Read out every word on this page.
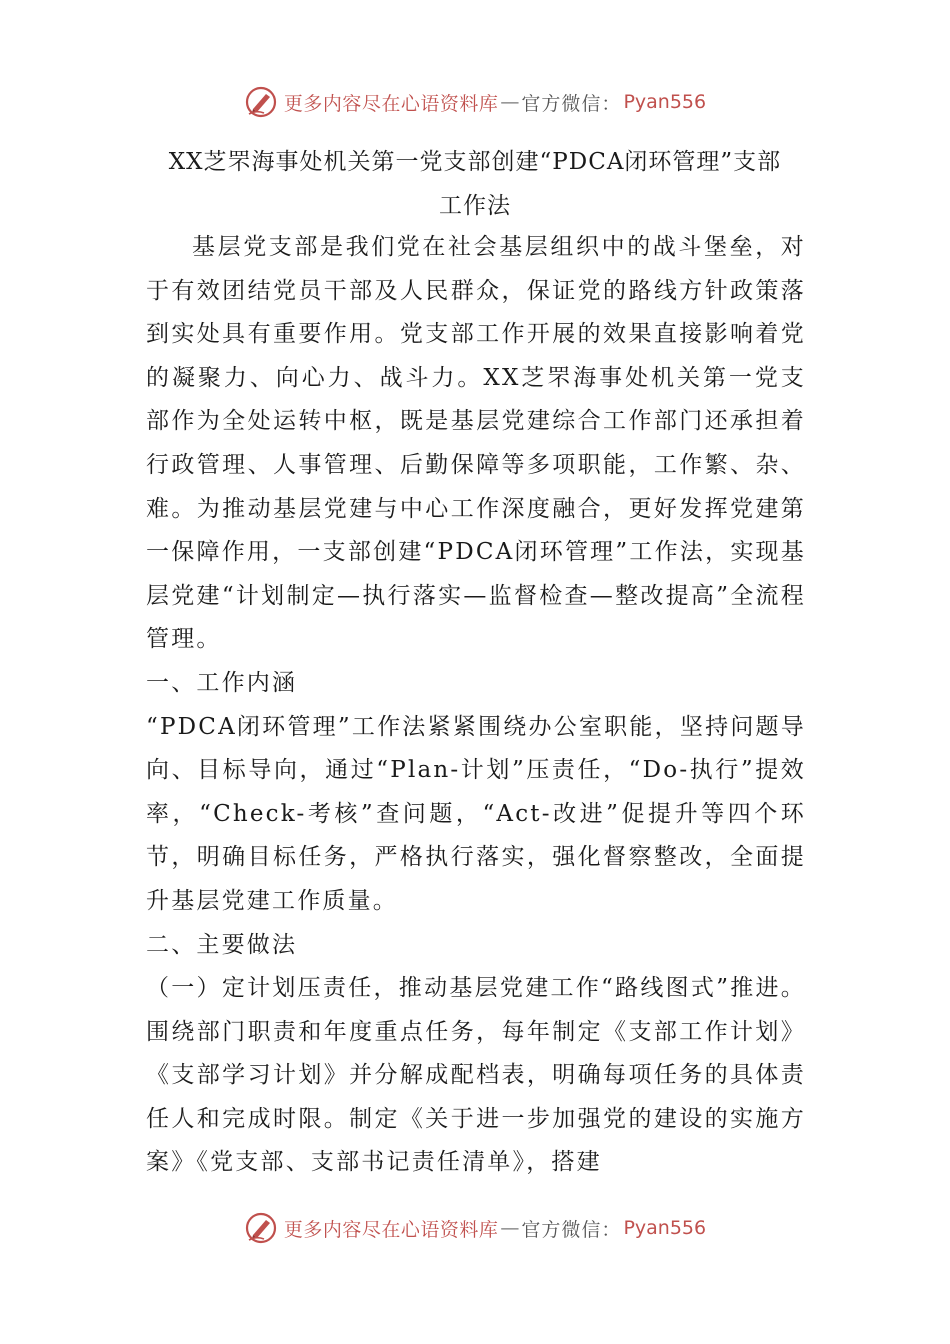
更多内容尽在心语资料库 — 官方微信： Pyan556
XX芝罘海事处机关第一党支部创建“PDCA闭环管理”支部
工作法

基层党支部是我们党在社会基层组织中的战斗堡垒，对于有效团结党员干部及人民群众，保证党的路线方针政策落到实处具有重要作用。党支部工作开展的效果直接影响着党的凝聚力、向心力、战斗力。XX芝罘海事处机关第一党支部作为全处运转中枢，既是基层党建综合工作部门还承担着行政管理、人事管理、后勤保障等多项职能，工作繁、杂、难。为推动基层党建与中心工作深度融合，更好发挥党建第一保障作用，一支部创建“PDCA闭环管理”工作法，实现基层党建“计划制定—执行落实—监督检查—整改提高”全流程管理。

一、工作内涵

“PDCA闭环管理”工作法紧紧围绕办公室职能，坚持问题导向、目标导向，通过“Plan-计划”压责任，“Do-执行”提效率，“Check-考核”查问题，“Act-改进”促提升等四个环节，明确目标任务，严格执行落实，强化督察整改，全面提升基层党建工作质量。

二、主要做法

（一）定计划压责任，推动基层党建工作“路线图式”推进。围绕部门职责和年度重点任务，每年制定《支部工作计划》《支部学习计划》并分解成配档表，明确每项任务的具体责任人和完成时限。制定《关于进一步加强党的建设的实施方案》《党支部、支部书记责任清单》，搭建

更多内容尽在心语资料库 — 官方微信： Pyan556
